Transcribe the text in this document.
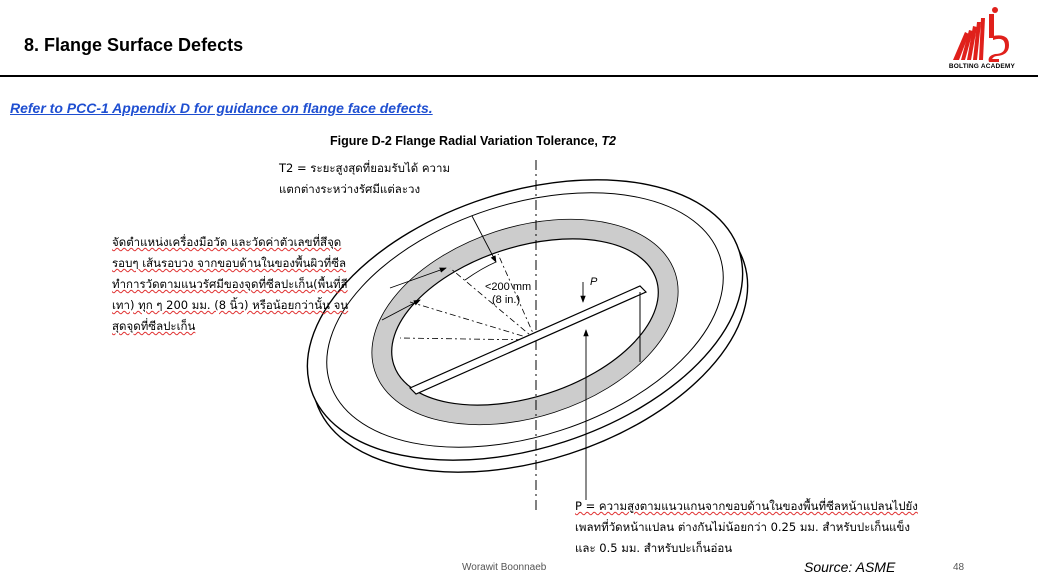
8. Flange Surface Defects
BOLTING ACADEMY
Refer to PCC-1 Appendix D for guidance on flange face defects.
Figure D-2 Flange Radial Variation Tolerance, T2
<200 mm
(8 in.)
P
T2 = ระยะสูงสุดที่ยอมรับได้ ความ
แตกต่างระหว่างรัศมีแต่ละวง
จัดตำแหน่งเครื่องมือวัด และวัดค่าตัวเลขที่สึจุด
รอบๆ เส้นรอบวง จากขอบด้านในของพื้นผิวที่ซีล
ทำการวัดตามแนวรัศมีของจุดที่ซีลปะเก็น(พื้นที่สี
เทา) ทุก ๆ 200 มม. (8 นิ้ว) หรือน้อยกว่านั้น จน
สุดจุดที่ซีลปะเก็น
P = ความสูงตามแนวแกนจากขอบด้านในของพื้นที่ซีลหน้าแปลนไปยัง
เพลทที่วัดหน้าแปลน ต่างกันไม่น้อยกว่า 0.25 มม. สำหรับปะเก็นแข็ง
และ 0.5 มม. สำหรับปะเก็นอ่อน
Worawit Boonnaeb	Source: ASME	48
